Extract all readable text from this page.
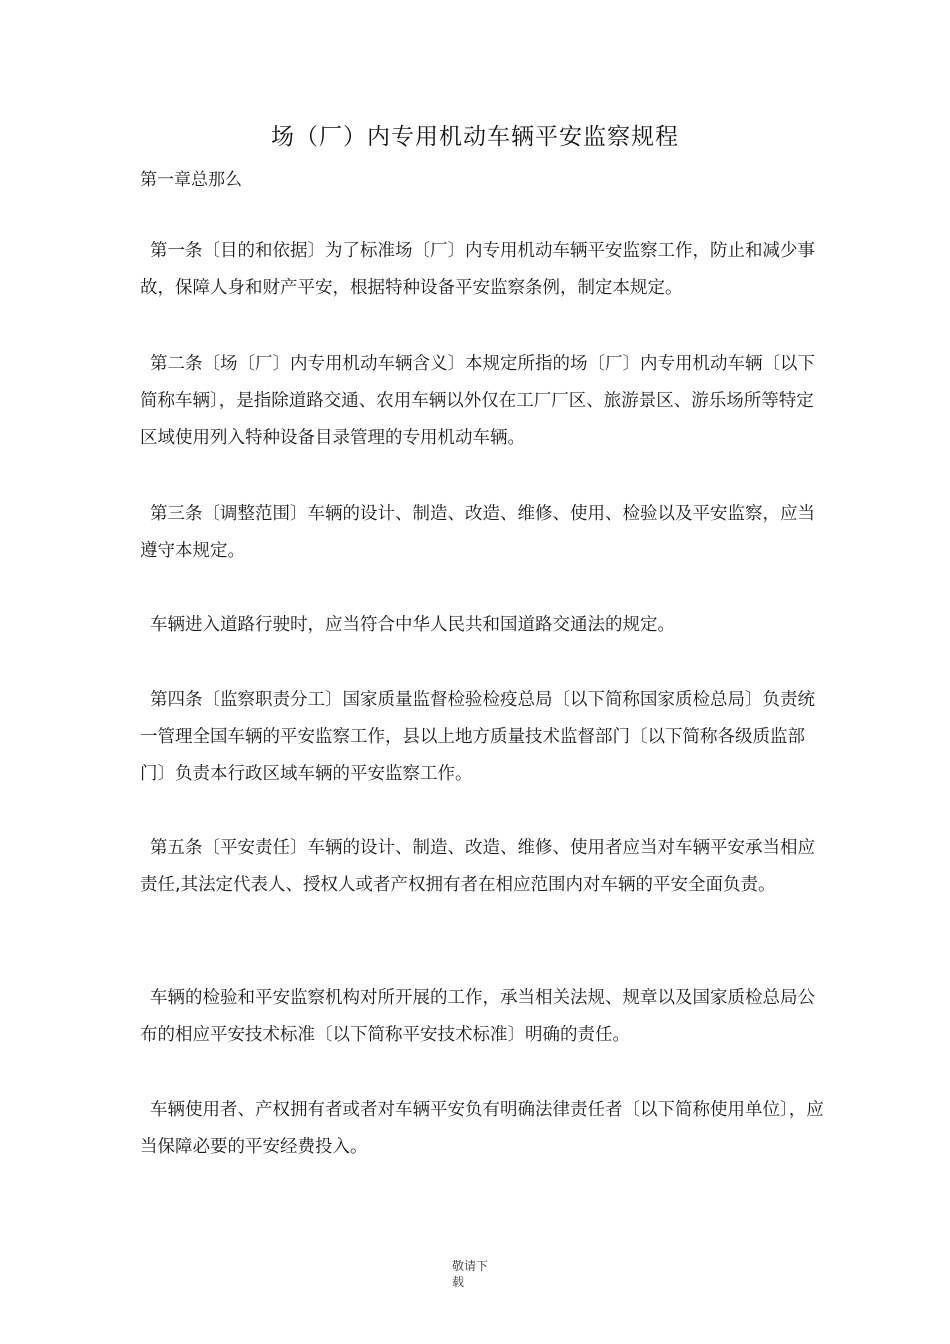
场（厂）内专用机动车辆平安监察规程
第一章总那么
第一条〔目的和依据〕为了标准场〔厂〕内专用机动车辆平安监察工作，防止和减少事故，保障人身和财产平安，根据特种设备平安监察条例，制定本规定。
第二条〔场〔厂〕内专用机动车辆含义〕本规定所指的场〔厂〕内专用机动车辆〔以下简称车辆〕，是指除道路交通、农用车辆以外仅在工厂厂区、旅游景区、游乐场所等特定区域使用列入特种设备目录管理的专用机动车辆。
第三条〔调整范围〕车辆的设计、制造、改造、维修、使用、检验以及平安监察，应当遵守本规定。
车辆进入道路行驶时，应当符合中华人民共和国道路交通法的规定。
第四条〔监察职责分工〕国家质量监督检验检疫总局〔以下简称国家质检总局〕负责统一管理全国车辆的平安监察工作，县以上地方质量技术监督部门〔以下简称各级质监部门〕负责本行政区域车辆的平安监察工作。
第五条〔平安责任〕车辆的设计、制造、改造、维修、使用者应当对车辆平安承当相应责任,其法定代表人、授权人或者产权拥有者在相应范围内对车辆的平安全面负责。
车辆的检验和平安监察机构对所开展的工作，承当相关法规、规章以及国家质检总局公布的相应平安技术标准〔以下简称平安技术标准〕明确的责任。
车辆使用者、产权拥有者或者对车辆平安负有明确法律责任者〔以下简称使用单位〕，应当保障必要的平安经费投入。
敬请下载
